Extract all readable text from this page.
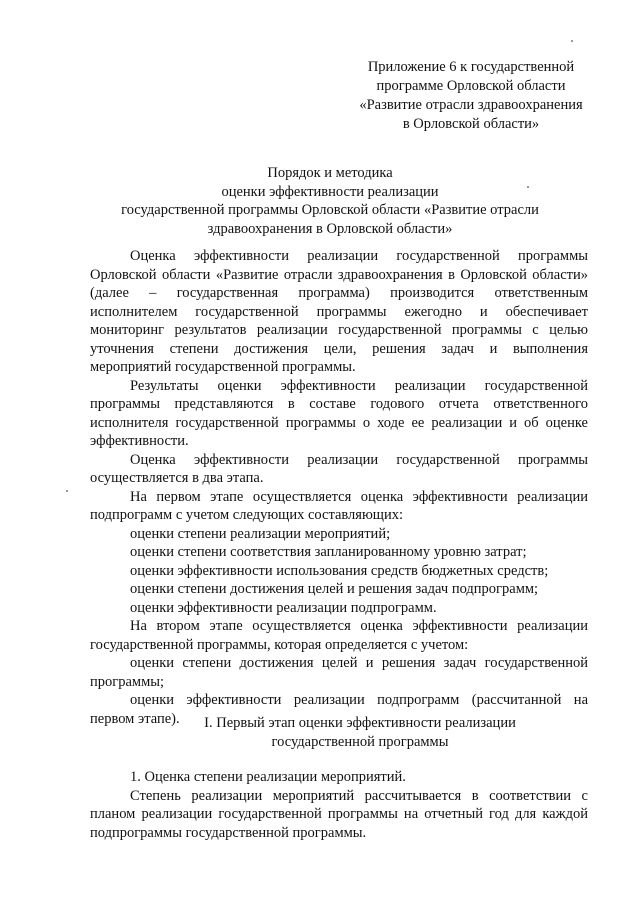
Приложение 6 к государственной
программе Орловской области
«Развитие отрасли здравоохранения
в Орловской области»
Порядок и методика
оценки эффективности реализации
государственной программы Орловской области «Развитие отрасли
здравоохранения в Орловской области»

Оценка эффективности реализации государственной программы Орловской области «Развитие отрасли здравоохранения в Орловской области» (далее – государственная программа) производится ответственным исполнителем государственной программы ежегодно и обеспечивает мониторинг результатов реализации государственной программы с целью уточнения степени достижения цели, решения задач и выполнения мероприятий государственной программы.

Результаты оценки эффективности реализации государственной программы представляются в составе годового отчета ответственного исполнителя государственной программы о ходе ее реализации и об оценке эффективности.

Оценка эффективности реализации государственной программы осуществляется в два этапа.

На первом этапе осуществляется оценка эффективности реализации подпрограмм с учетом следующих составляющих:

оценки степени реализации мероприятий;

оценки степени соответствия запланированному уровню затрат;

оценки эффективности использования средств бюджетных средств;

оценки степени достижения целей и решения задач подпрограмм;

оценки эффективности реализации подпрограмм.

На втором этапе осуществляется оценка эффективности реализации государственной программы, которая определяется с учетом:

оценки степени достижения целей и решения задач государственной программы;

оценки эффективности реализации подпрограмм (рассчитанной на первом этапе).	I. Первый этап оценки эффективности реализации
государственной программы

1. Оценка степени реализации мероприятий.

Степень реализации мероприятий рассчитывается в соответствии с планом реализации государственной программы на отчетный год для каждой подпрограммы государственной программы.
